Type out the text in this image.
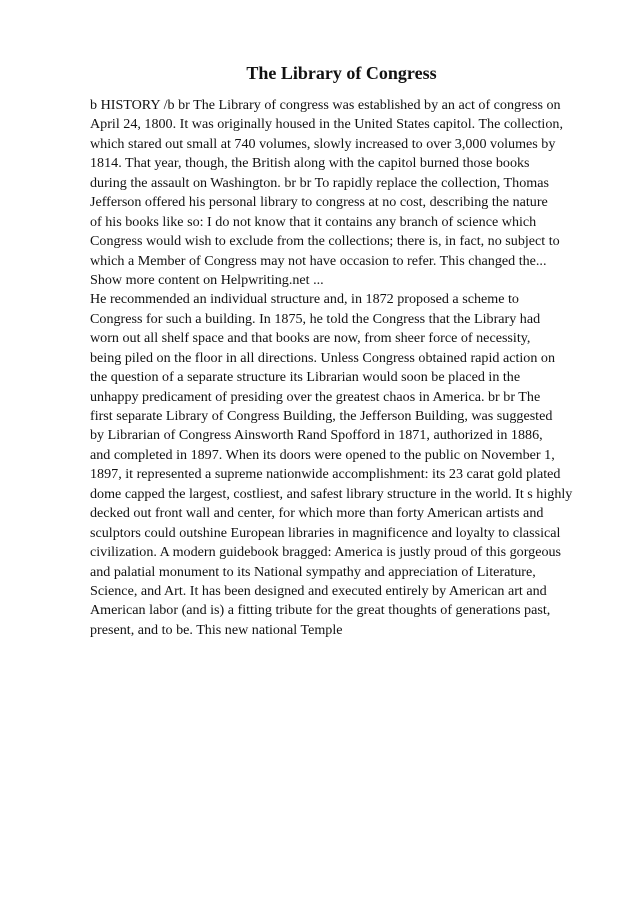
The Library of Congress

b HISTORY /b br The Library of congress was established by an act of congress on

April 24, 1800. It was originally housed in the United States capitol. The collection,

which stared out small at 740 volumes, slowly increased to over 3,000 volumes by

1814. That year, though, the British along with the capitol burned those books

during the assault on Washington. br br To rapidly replace the collection, Thomas

Jefferson offered his personal library to congress at no cost, describing the nature

of his books like so: I do not know that it contains any branch of science which

Congress would wish to exclude from the collections; there is, in fact, no subject to

which a Member of Congress may not have occasion to refer. This changed the...

Show more content on Helpwriting.net ...

He recommended an individual structure and, in 1872 proposed a scheme to

Congress for such a building. In 1875, he told the Congress that the Library had

worn out all shelf space and that books are now, from sheer force of necessity,

being piled on the floor in all directions. Unless Congress obtained rapid action on

the question of a separate structure its Librarian would soon be placed in the

unhappy predicament of presiding over the greatest chaos in America. br br The

first separate Library of Congress Building, the Jefferson Building, was suggested

by Librarian of Congress Ainsworth Rand Spofford in 1871, authorized in 1886,

and completed in 1897. When its doors were opened to the public on November 1,

1897, it represented a supreme nationwide accomplishment: its 23 carat gold plated

dome capped the largest, costliest, and safest library structure in the world. It s highly

decked out front wall and center, for which more than forty American artists and

sculptors could outshine European libraries in magnificence and loyalty to classical

civilization. A modern guidebook bragged: America is justly proud of this gorgeous

and palatial monument to its National sympathy and appreciation of Literature,

Science, and Art. It has been designed and executed entirely by American art and

American labor (and is) a fitting tribute for the great thoughts of generations past,

present, and to be. This new national Temple
